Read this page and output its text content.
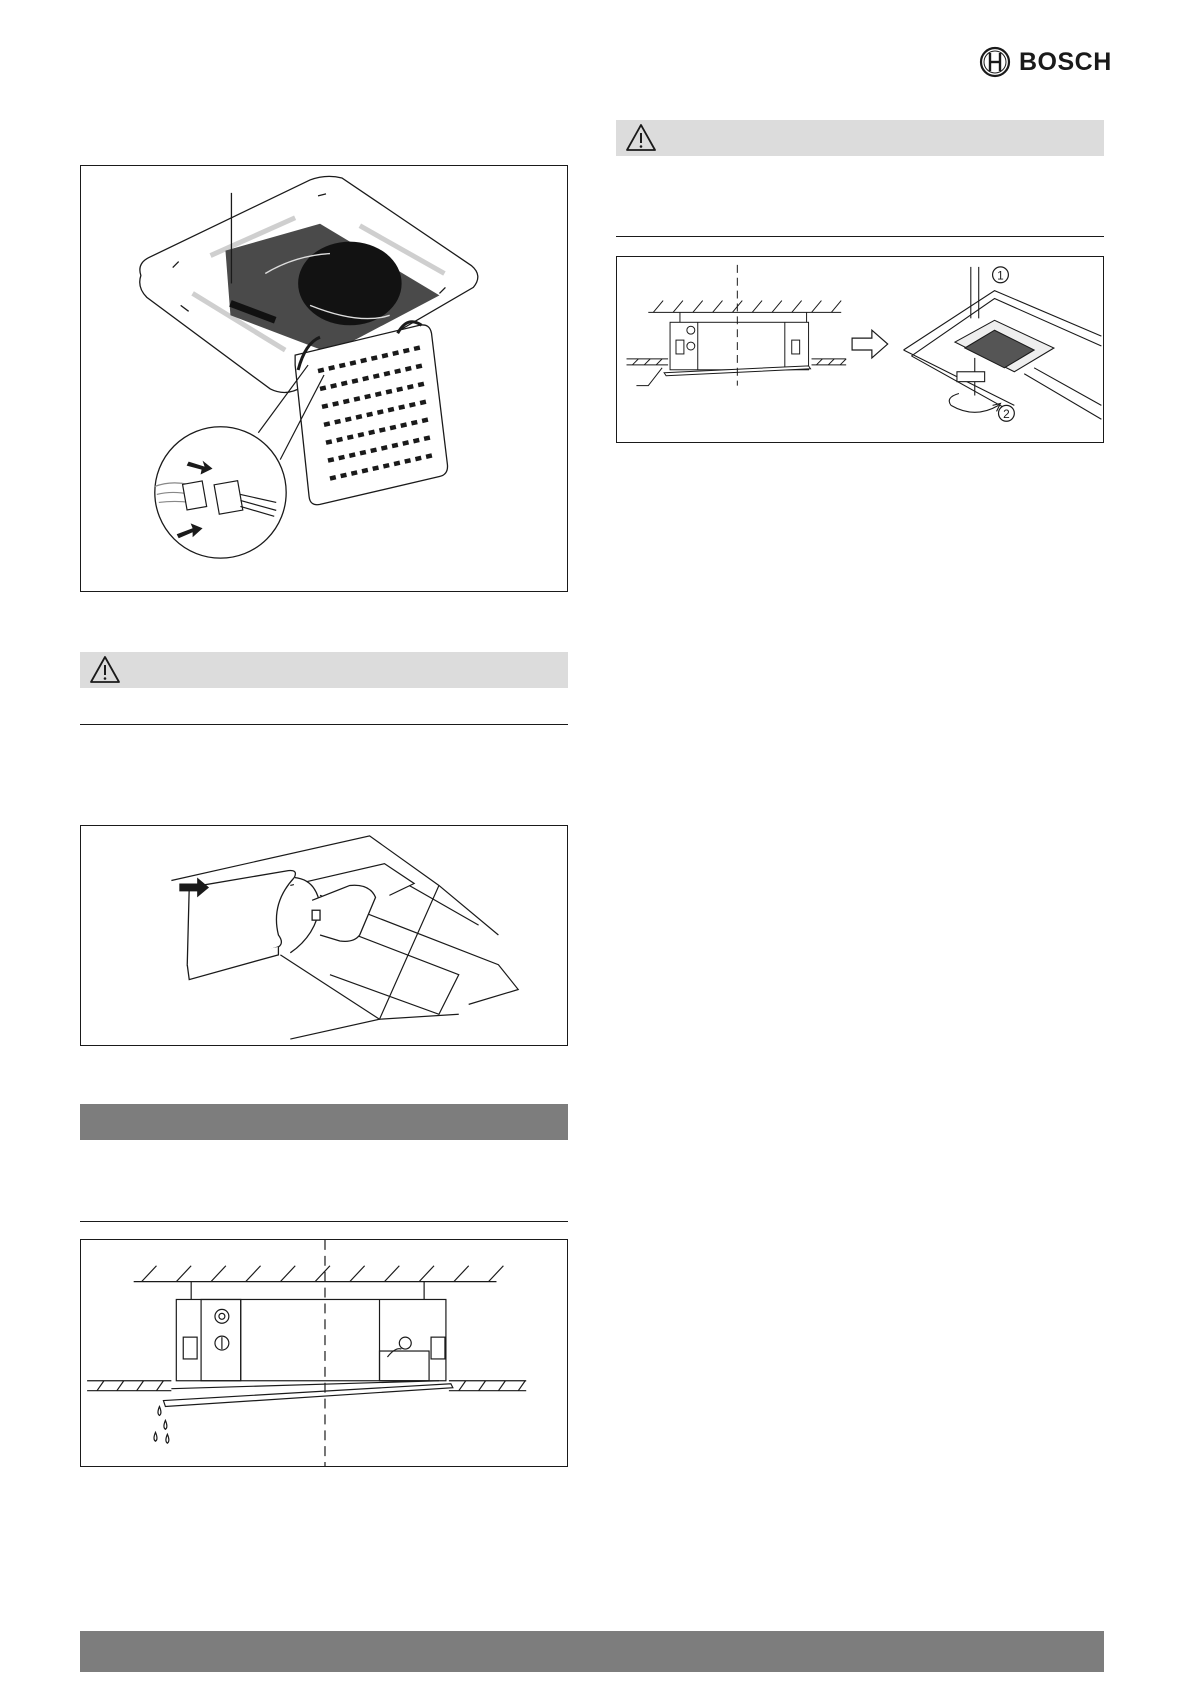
BOSCH
1
2
